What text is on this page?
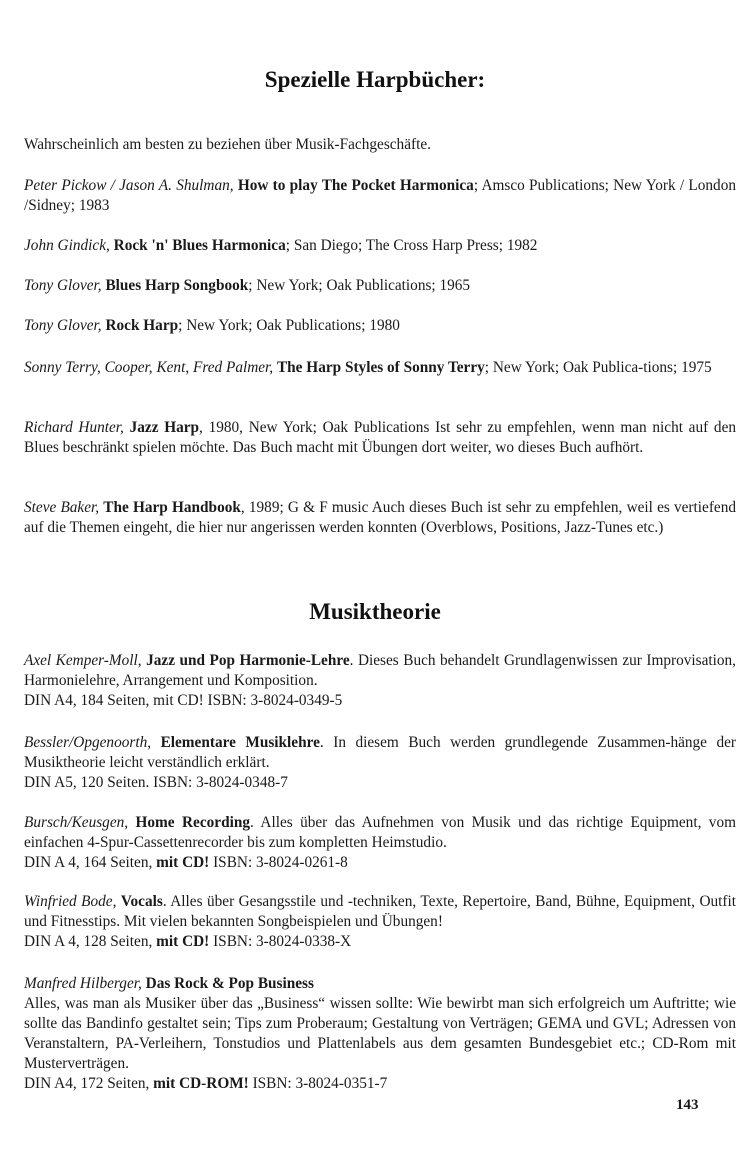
Spezielle Harpbücher:

Wahrscheinlich am besten zu beziehen über Musik-Fachgeschäfte.

Peter Pickow / Jason A. Shulman, How to play The Pocket Harmonica; Amsco Publications; New York / London /Sidney; 1983

John Gindick, Rock 'n' Blues Harmonica; San Diego; The Cross Harp Press; 1982

Tony Glover, Blues Harp Songbook; New York; Oak Publications; 1965

Tony Glover, Rock Harp; New York; Oak Publications; 1980

Sonny Terry, Cooper, Kent, Fred Palmer, The Harp Styles of Sonny Terry; New York; Oak Publica-tions; 1975

Richard Hunter, Jazz Harp, 1980, New York; Oak Publications Ist sehr zu empfehlen, wenn man nicht auf den Blues beschränkt spielen möchte. Das Buch macht mit Übungen dort weiter, wo dieses Buch aufhört.

Steve Baker, The Harp Handbook, 1989; G & F music Auch dieses Buch ist sehr zu empfehlen, weil es vertiefend auf die Themen eingeht, die hier nur angerissen werden konnten (Overblows, Positions, Jazz-Tunes etc.)

Musiktheorie

Axel Kemper-Moll, Jazz und Pop Harmonie-Lehre. Dieses Buch behandelt Grundlagenwissen zur Improvisation, Harmonielehre, Arrangement und Komposition.

DIN A4, 184 Seiten, mit CD! ISBN: 3-8024-0349-5

Bessler/Opgenoorth, Elementare Musiklehre. In diesem Buch werden grundlegende Zusammen-hänge der Musiktheorie leicht verständlich erklärt.

DIN A5, 120 Seiten. ISBN: 3-8024-0348-7

Bursch/Keusgen, Home Recording. Alles über das Aufnehmen von Musik und das richtige Equipment, vom einfachen 4-Spur-Cassettenrecorder bis zum kompletten Heimstudio.

DIN A 4, 164 Seiten, mit CD! ISBN: 3-8024-0261-8

Winfried Bode, Vocals. Alles über Gesangsstile und -techniken, Texte, Repertoire, Band, Bühne, Equipment, Outfit und Fitnesstips. Mit vielen bekannten Songbeispielen und Übungen!

DIN A 4, 128 Seiten, mit CD! ISBN: 3-8024-0338-X

Manfred Hilberger, Das Rock & Pop Business

Alles, was man als Musiker über das „Business“ wissen sollte: Wie bewirbt man sich erfolgreich um Auftritte; wie sollte das Bandinfo gestaltet sein; Tips zum Proberaum; Gestaltung von Verträgen; GEMA und GVL; Adressen von Veranstaltern, PA-Verleihern, Tonstudios und Plattenlabels aus dem gesamten Bundesgebiet etc.; CD-Rom mit Musterverträgen.

DIN A4, 172 Seiten, mit CD-ROM! ISBN: 3-8024-0351-7

143
